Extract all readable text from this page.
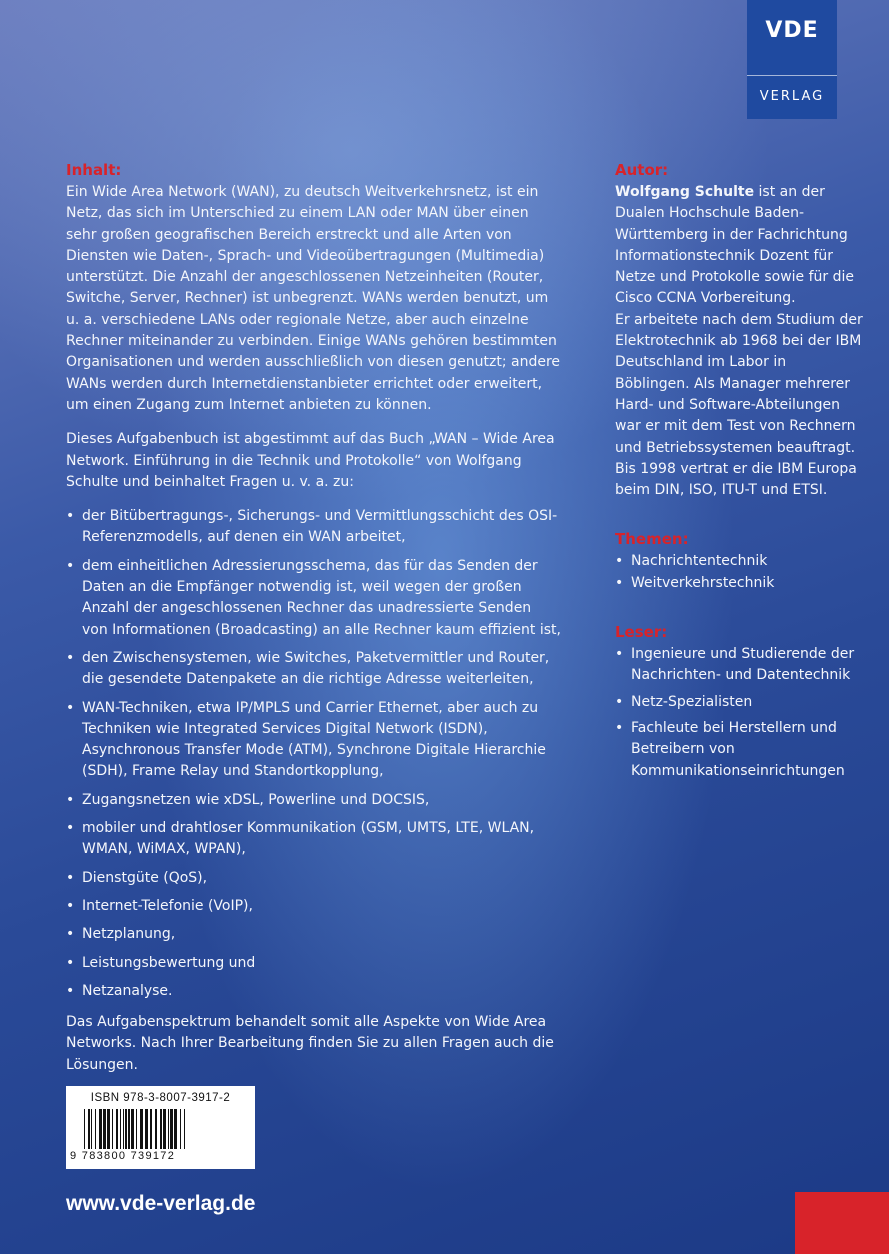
VDE
VERLAG
Inhalt:

Ein Wide Area Network (WAN), zu deutsch Weitverkehrsnetz, ist ein Netz, das sich im Unterschied zu einem LAN oder MAN über einen sehr großen geografischen Bereich erstreckt und alle Arten von Diensten wie Daten-, Sprach- und Videoübertragungen (Multimedia) unterstützt. Die Anzahl der angeschlossenen Netzeinheiten (Router, Switche, Server, Rechner) ist unbegrenzt. WANs werden benutzt, um u. a. verschiedene LANs oder regionale Netze, aber auch einzelne Rechner miteinander zu verbinden. Einige WANs gehören bestimmten Organisationen und werden ausschließlich von diesen genutzt; andere WANs werden durch Internetdienstanbieter errichtet oder erweitert, um einen Zugang zum Internet anbieten zu können.

Dieses Aufgabenbuch ist abgestimmt auf das Buch „WAN – Wide Area Network. Einführung in die Technik und Protokolle“ von Wolfgang Schulte und beinhaltet Fragen u. v. a. zu:

• der Bitübertragungs-, Sicherungs- und Vermittlungsschicht des OSI-Referenzmodells, auf denen ein WAN arbeitet,
• dem einheitlichen Adressierungsschema, das für das Senden der Daten an die Empfänger notwendig ist, weil wegen der großen Anzahl der angeschlossenen Rechner das unadressierte Senden von Informationen (Broadcasting) an alle Rechner kaum effizient ist,
• den Zwischensystemen, wie Switches, Paketvermittler und Router, die gesendete Datenpakete an die richtige Adresse weiterleiten,
• WAN-Techniken, etwa IP/MPLS und Carrier Ethernet, aber auch zu Techniken wie Integrated Services Digital Network (ISDN), Asynchronous Transfer Mode (ATM), Synchrone Digitale Hierarchie (SDH), Frame Relay und Standortkopplung,
• Zugangsnetzen wie xDSL, Powerline und DOCSIS,
• mobiler und drahtloser Kommunikation (GSM, UMTS, LTE, WLAN, WMAN, WiMAX, WPAN),
• Dienstgüte (QoS),
• Internet-Telefonie (VoIP),
• Netzplanung,
• Leistungsbewertung und
• Netzanalyse.

Das Aufgabenspektrum behandelt somit alle Aspekte von Wide Area Networks. Nach Ihrer Bearbeitung finden Sie zu allen Fragen auch die Lösungen.

Autor:

Wolfgang Schulte ist an der Dualen Hochschule Baden-Württemberg in der Fachrichtung Informationstechnik Dozent für Netze und Protokolle sowie für die Cisco CCNA Vorbereitung.

Er arbeitete nach dem Studium der Elektrotechnik ab 1968 bei der IBM Deutschland im Labor in Böblingen. Als Manager mehrerer Hard- und Software-Abteilungen war er mit dem Test von Rechnern und Betriebssystemen beauftragt. Bis 1998 vertrat er die IBM Europa beim DIN, ISO, ITU-T und ETSI.

Themen:
• Nachrichtentechnik
• Weitverkehrstechnik
Leser:
• Ingenieure und Studierende der Nachrichten- und Datentechnik
• Netz-Spezialisten
• Fachleute bei Herstellern und Betreibern von Kommunikationseinrichtungen
ISBN 978-3-8007-3917-2
9 783800 739172
www.vde-verlag.de
